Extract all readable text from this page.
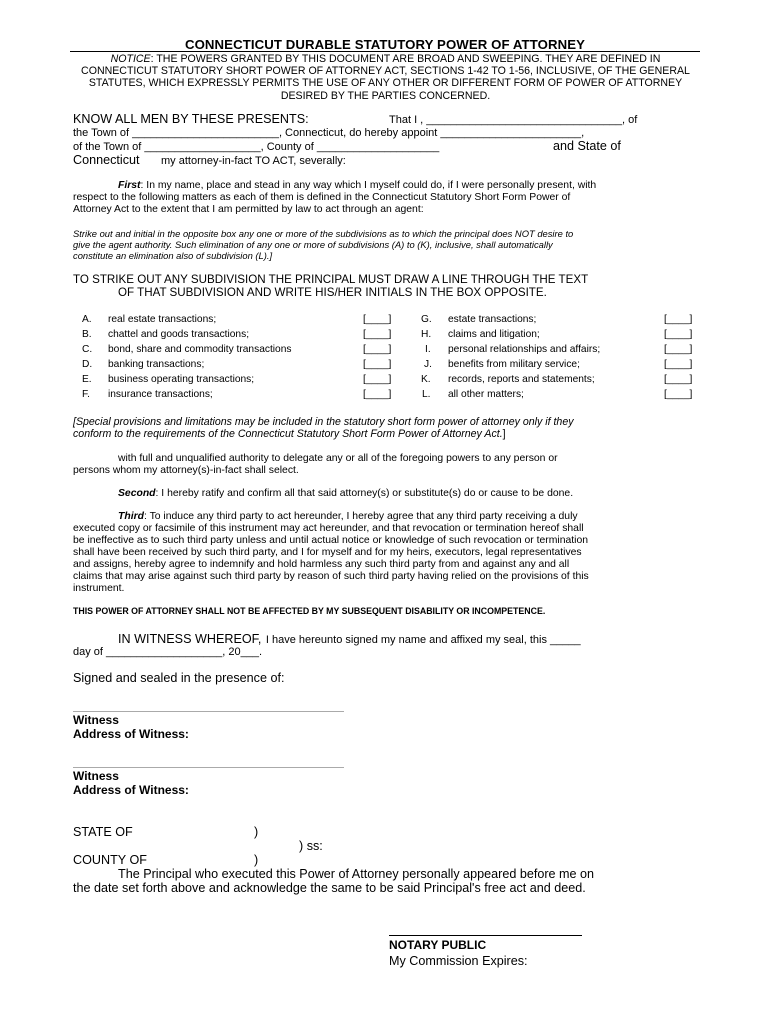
CONNECTICUT DURABLE STATUTORY POWER OF ATTORNEY
NOTICE: THE POWERS GRANTED BY THIS DOCUMENT ARE BROAD AND SWEEPING. THEY ARE DEFINED IN CONNECTICUT STATUTORY SHORT POWER OF ATTORNEY ACT, SECTIONS 1-42 TO 1-56, INCLUSIVE, OF THE GENERAL STATUTES, WHICH EXPRESSLY PERMITS THE USE OF ANY OTHER OR DIFFERENT FORM OF POWER OF ATTORNEY DESIRED BY THE PARTIES CONCERNED.
KNOW ALL MEN BY THESE PRESENTS:	That I , ________________________________, of
the Town of ________________________, Connecticut, do hereby appoint _______________________,
of the Town of ___________________, County of ____________________	and State of
Connecticut my attorney-in-fact TO ACT, severally:
First: In my name, place and stead in any way which I myself could do, if I were personally present, with
respect to the following matters as each of them is defined in the Connecticut Statutory Short Form Power of
Attorney Act to the extent that I am permitted by law to act through an agent:
Strike out and initial in the opposite box any one or more of the subdivisions as to which the principal does NOT desire to
give the agent authority. Such elimination of any one or more of subdivisions (A) to (K), inclusive, shall automatically
constitute an elimination also of subdivision (L).]
TO STRIKE OUT ANY SUBDIVISION THE PRINCIPAL MUST DRAW A LINE THROUGH THE TEXT
OF THAT SUBDIVISION AND WRITE HIS/HER INITIALS IN THE BOX OPPOSITE.
A. real estate transactions;	[____]
B. chattel and goods transactions;	[____]
C. bond, share and commodity transactions	[____]
D. banking transactions;	[____]
E. business operating transactions;	[____]
F. insurance transactions;	[____]
G. estate transactions;	[____]
H. claims and litigation;	[____]
I. personal relationships and affairs;	[____]
J. benefits from military service;	[____]
K. records, reports and statements;	[____]
L. all other matters;	[____]
[Special provisions and limitations may be included in the statutory short form power of attorney only if they
conform to the requirements of the Connecticut Statutory Short Form Power of Attorney Act.]
with full and unqualified authority to delegate any or all of the foregoing powers to any person or
persons whom my attorney(s)-in-fact shall select.
Second: I hereby ratify and confirm all that said attorney(s) or substitute(s) do or cause to be done.
Third: To induce any third party to act hereunder, I hereby agree that any third party receiving a duly
executed copy or facsimile of this instrument may act hereunder, and that revocation or termination hereof shall
be ineffective as to such third party unless and until actual notice or knowledge of such revocation or termination
shall have been received by such third party, and I for myself and for my heirs, executors, legal representatives
and assigns, hereby agree to indemnify and hold harmless any such third party from and against any and all
claims that may arise against such third party by reason of such third party having relied on the provisions of this
instrument.
THIS POWER OF ATTORNEY SHALL NOT BE AFFECTED BY MY SUBSEQUENT DISABILITY OR INCOMPETENCE.
IN WITNESS WHEREOF, I have hereunto signed my name and affixed my seal, this _____
day of ___________________, 20___.
Signed and sealed in the presence of:
Witness
Address of Witness:
Witness
Address of Witness:
STATE OF	)
) ss:
COUNTY OF	)
The Principal who executed this Power of Attorney personally appeared before me on
the date set forth above and acknowledge the same to be said Principal's free act and deed.
NOTARY PUBLIC
My Commission Expires:
